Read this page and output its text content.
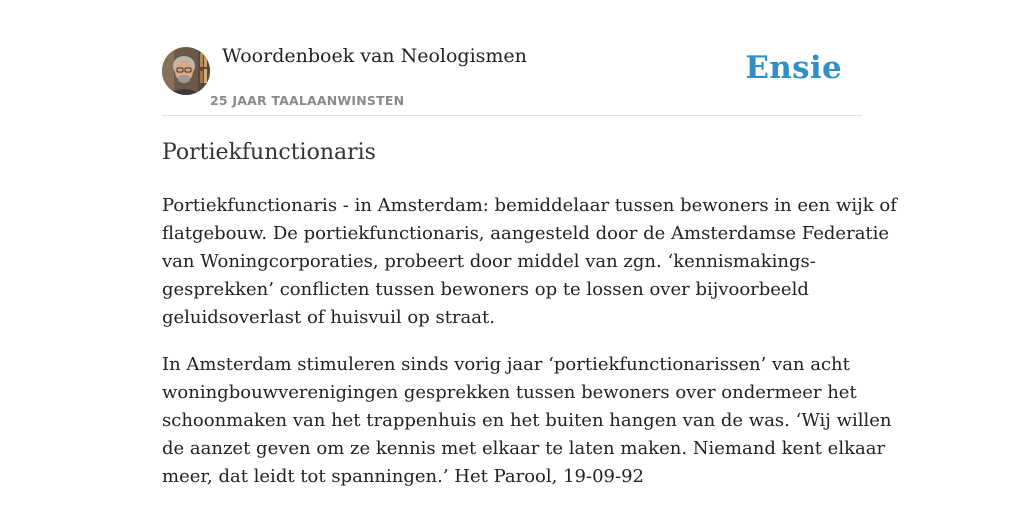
Woordenboek van Neologismen
25 JAAR TAALAANWINSTEN
Ensie
Portiekfunctionaris

Portiekfunctionaris - in Amsterdam: bemiddelaar tussen bewoners in een wijk of
flatgebouw. De portiekfunctionaris, aangesteld door de Amsterdamse Federatie
van Woningcorporaties, probeert door middel van zgn. ‘kennismakings-
gesprekken’ conflicten tussen bewoners op te lossen over bijvoorbeeld
geluidsoverlast of huisvuil op straat.

In Amsterdam stimuleren sinds vorig jaar ‘portiekfunctionarissen’ van acht
woningbouwverenigingen gesprekken tussen bewoners over ondermeer het
schoonmaken van het trappenhuis en het buiten hangen van de was. ‘Wij willen
de aanzet geven om ze kennis met elkaar te laten maken. Niemand kent elkaar
meer, dat leidt tot spanningen.’ Het Parool, 19-09-92
